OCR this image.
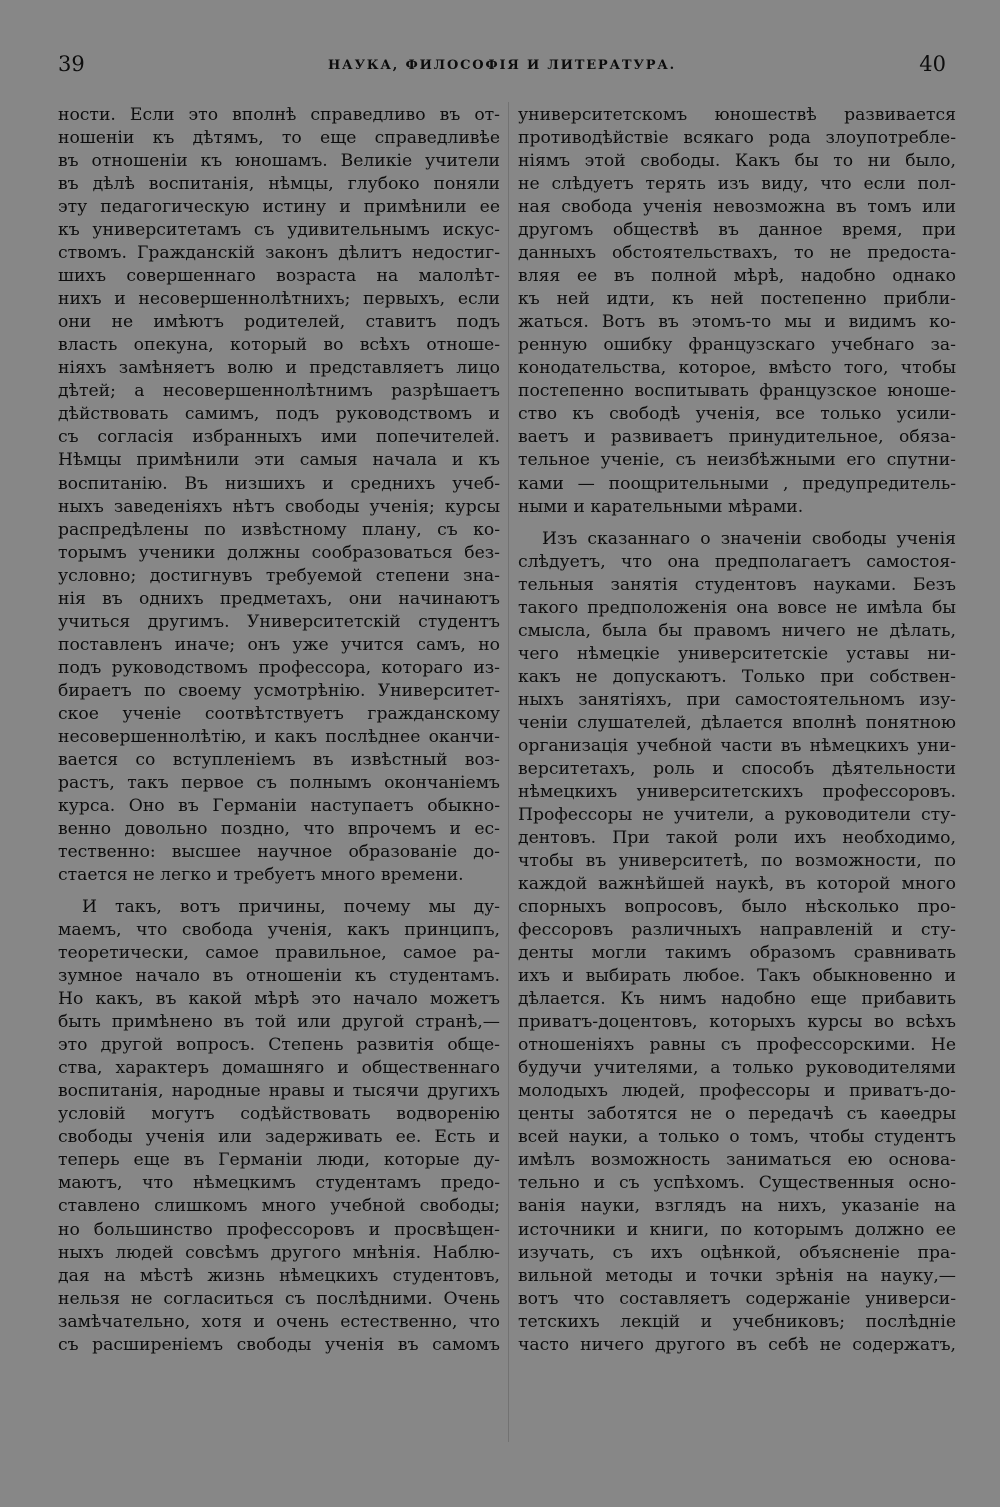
39	НАУКА, ФИЛОСОФІЯ И ЛИТЕРАТУРА.	40
ности. Если это вполнѣ справедливо въ от-
ношеніи къ дѣтямъ, то еще справедливѣе
въ отношеніи къ юношамъ. Великіе учители
въ дѣлѣ воспитанія, нѣмцы, глубоко поняли
эту педагогическую истину и примѣнили ее
къ университетамъ съ удивительнымъ искус-
ствомъ. Гражданскій законъ дѣлитъ недостиг-
шихъ совершеннаго возраста на малолѣт-
нихъ и несовершеннолѣтнихъ; первыхъ, если
они не имѣютъ родителей, ставитъ подъ
власть опекуна, который во всѣхъ отноше-
ніяхъ замѣняетъ волю и представляетъ лицо
дѣтей; а несовершеннолѣтнимъ разрѣшаетъ
дѣйствовать самимъ, подъ руководствомъ и
съ согласія избранныхъ ими попечителей.
Нѣмцы примѣнили эти самыя начала и къ
воспитанію. Въ низшихъ и среднихъ учеб-
ныхъ заведеніяхъ нѣтъ свободы ученія; курсы
распредѣлены по извѣстному плану, съ ко-
торымъ ученики должны сообразоваться без-
условно; достигнувъ требуемой степени зна-
нія въ однихъ предметахъ, они начинаютъ
учиться другимъ. Университетскій студентъ
поставленъ иначе; онъ уже учится самъ, но
подъ руководствомъ профессора, котораго из-
бираетъ по своему усмотрѣнію. Университет-
ское ученіе соотвѣтствуетъ гражданскому
несовершеннолѣтію, и какъ послѣднее оканчи-
вается со вступленіемъ въ извѣстный воз-
растъ, такъ первое съ полнымъ окончаніемъ
курса. Оно въ Германіи наступаетъ обыкно-
венно довольно поздно, что впрочемъ и ес-
тественно: высшее научное образованіе до-
стается не легко и требуетъ много времени.
И такъ, вотъ причины, почему мы ду-
маемъ, что свобода ученія, какъ принципъ,
теоретически, самое правильное, самое ра-
зумное начало въ отношеніи къ студентамъ.
Но какъ, въ какой мѣрѣ это начало можетъ
быть примѣнено въ той или другой странѣ,—
это другой вопросъ. Степень развитія обще-
ства, характеръ домашняго и общественнаго
воспитанія, народные нравы и тысячи другихъ
условій могутъ содѣйствовать водворенію
свободы ученія или задерживать ее. Есть и
теперь еще въ Германіи люди, которые ду-
маютъ, что нѣмецкимъ студентамъ предо-
ставлено слишкомъ много учебной свободы;
но большинство профессоровъ и просвѣщен-
ныхъ людей совсѣмъ другого мнѣнія. Наблю-
дая на мѣстѣ жизнь нѣмецкихъ студентовъ,
нельзя не согласиться съ послѣдними. Очень
замѣчательно, хотя и очень естественно, что
съ расширеніемъ свободы ученія въ самомъ
университетскомъ юношествѣ развивается
противодѣйствіе всякаго рода злоупотребле-
ніямъ этой свободы. Какъ бы то ни было,
не слѣдуетъ терять изъ виду, что если пол-
ная свобода ученія невозможна въ томъ или
другомъ обществѣ въ данное время, при
данныхъ обстоятельствахъ, то не предоста-
вляя ее въ полной мѣрѣ, надобно однако
къ ней идти, къ ней постепенно прибли-
жаться. Вотъ въ этомъ-то мы и видимъ ко-
ренную ошибку французскаго учебнаго за-
конодательства, которое, вмѣсто того, чтобы
постепенно воспитывать французское юноше-
ство къ свободѣ ученія, все только усили-
ваетъ и развиваетъ принудительное, обяза-
тельное ученіе, съ неизбѣжными его спутни-
ками — поощрительными , предупредитель-
ными и карательными мѣрами.
Изъ сказаннаго о значеніи свободы ученія
слѣдуетъ, что она предполагаетъ самостоя-
тельныя занятія студентовъ науками. Безъ
такого предположенія она вовсе не имѣла бы
смысла, была бы правомъ ничего не дѣлать,
чего нѣмецкіе университетскіе уставы ни-
какъ не допускаютъ. Только при собствен-
ныхъ занятіяхъ, при самостоятельномъ изу-
ченіи слушателей, дѣлается вполнѣ понятною
организація учебной части въ нѣмецкихъ уни-
верситетахъ, роль и способъ дѣятельности
нѣмецкихъ университетскихъ профессоровъ.
Профессоры не учители, а руководители сту-
дентовъ. При такой роли ихъ необходимо,
чтобы въ университетѣ, по возможности, по
каждой важнѣйшей наукѣ, въ которой много
спорныхъ вопросовъ, было нѣсколько про-
фессоровъ различныхъ направленій и сту-
денты могли такимъ образомъ сравнивать
ихъ и выбирать любое. Такъ обыкновенно и
дѣлается. Къ нимъ надобно еще прибавить
приватъ-доцентовъ, которыхъ курсы во всѣхъ
отношеніяхъ равны съ профессорскими. Не
будучи учителями, а только руководителями
молодыхъ людей, профессоры и приватъ-до-
центы заботятся не о передачѣ съ каѳедры
всей науки, а только о томъ, чтобы студентъ
имѣлъ возможность заниматься ею основа-
тельно и съ успѣхомъ. Существенныя осно-
ванія науки, взглядъ на нихъ, указаніе на
источники и книги, по которымъ должно ее
изучать, съ ихъ оцѣнкой, объясненіе пра-
вильной методы и точки зрѣнія на науку,—
вотъ что составляетъ содержаніе универси-
тетскихъ лекцій и учебниковъ; послѣдніе
часто ничего другого въ себѣ не содержатъ,
